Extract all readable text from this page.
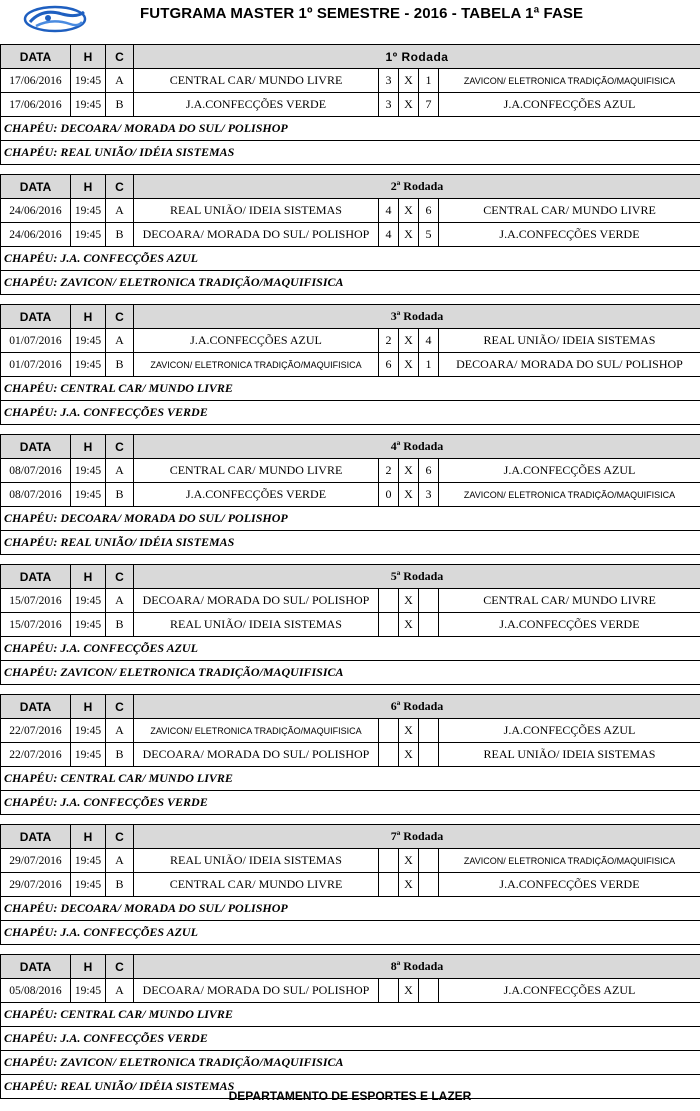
FUTGRAMA MASTER 1º SEMESTRE - 2016 - TABELA 1ª FASE
DATA	H	C	1º Rodada				
17/06/2016	19:45	A	CENTRAL CAR/ MUNDO LIVRE	3	X	1	ZAVICON/ ELETRONICA TRADIÇÃO/MAQUIFISICA
17/06/2016	19:45	B	J.A.CONFECÇÕES VERDE	3	X	7	J.A.CONFECÇÕES AZUL
CHAPÉU: DECOARA/ MORADA DO SUL/ POLISHOP							
CHAPÉU: REAL UNIÃO/ IDÉIA SISTEMAS							

DATA	H	C	2ª Rodada				
24/06/2016	19:45	A	REAL UNIÃO/ IDEIA SISTEMAS	4	X	6	CENTRAL CAR/ MUNDO LIVRE
24/06/2016	19:45	B	DECOARA/ MORADA DO SUL/ POLISHOP	4	X	5	J.A.CONFECÇÕES VERDE
CHAPÉU: J.A. CONFECÇÕES AZUL							
CHAPÉU: ZAVICON/ ELETRONICA TRADIÇÃO/MAQUIFISICA							

DATA	H	C	3ª Rodada				
01/07/2016	19:45	A	J.A.CONFECÇÕES AZUL	2	X	4	REAL UNIÃO/ IDEIA SISTEMAS
01/07/2016	19:45	B	ZAVICON/ ELETRONICA TRADIÇÃO/MAQUIFISICA	6	X	1	DECOARA/ MORADA DO SUL/ POLISHOP
CHAPÉU: CENTRAL CAR/ MUNDO LIVRE							
CHAPÉU: J.A. CONFECÇÕES VERDE							

DATA	H	C	4ª Rodada				
08/07/2016	19:45	A	CENTRAL CAR/ MUNDO LIVRE	2	X	6	J.A.CONFECÇÕES AZUL
08/07/2016	19:45	B	J.A.CONFECÇÕES VERDE	0	X	3	ZAVICON/ ELETRONICA TRADIÇÃO/MAQUIFISICA
CHAPÉU: DECOARA/ MORADA DO SUL/ POLISHOP							
CHAPÉU: REAL UNIÃO/ IDÉIA SISTEMAS							

DATA	H	C	5ª Rodada				
15/07/2016	19:45	A	DECOARA/ MORADA DO SUL/ POLISHOP		X		CENTRAL CAR/ MUNDO LIVRE
15/07/2016	19:45	B	REAL UNIÃO/ IDEIA SISTEMAS		X		J.A.CONFECÇÕES VERDE
CHAPÉU: J.A. CONFECÇÕES AZUL							
CHAPÉU: ZAVICON/ ELETRONICA TRADIÇÃO/MAQUIFISICA							

DATA	H	C	6ª Rodada				
22/07/2016	19:45	A	ZAVICON/ ELETRONICA TRADIÇÃO/MAQUIFISICA		X		J.A.CONFECÇÕES AZUL
22/07/2016	19:45	B	DECOARA/ MORADA DO SUL/ POLISHOP		X		REAL UNIÃO/ IDEIA SISTEMAS
CHAPÉU: CENTRAL CAR/ MUNDO LIVRE							
CHAPÉU: J.A. CONFECÇÕES VERDE							

DATA	H	C	7ª Rodada				
29/07/2016	19:45	A	REAL UNIÃO/ IDEIA SISTEMAS		X		ZAVICON/ ELETRONICA TRADIÇÃO/MAQUIFISICA
29/07/2016	19:45	B	CENTRAL CAR/ MUNDO LIVRE		X		J.A.CONFECÇÕES VERDE
CHAPÉU: DECOARA/ MORADA DO SUL/ POLISHOP							
CHAPÉU: J.A. CONFECÇÕES AZUL							

DATA	H	C	8ª Rodada				
05/08/2016	19:45	A	DECOARA/ MORADA DO SUL/ POLISHOP		X		J.A.CONFECÇÕES AZUL
CHAPÉU: CENTRAL CAR/ MUNDO LIVRE							
CHAPÉU: J.A. CONFECÇÕES VERDE							
CHAPÉU: ZAVICON/ ELETRONICA TRADIÇÃO/MAQUIFISICA							
CHAPÉU: REAL UNIÃO/ IDÉIA SISTEMAS							
DEPARTAMENTO DE ESPORTES E LAZER
